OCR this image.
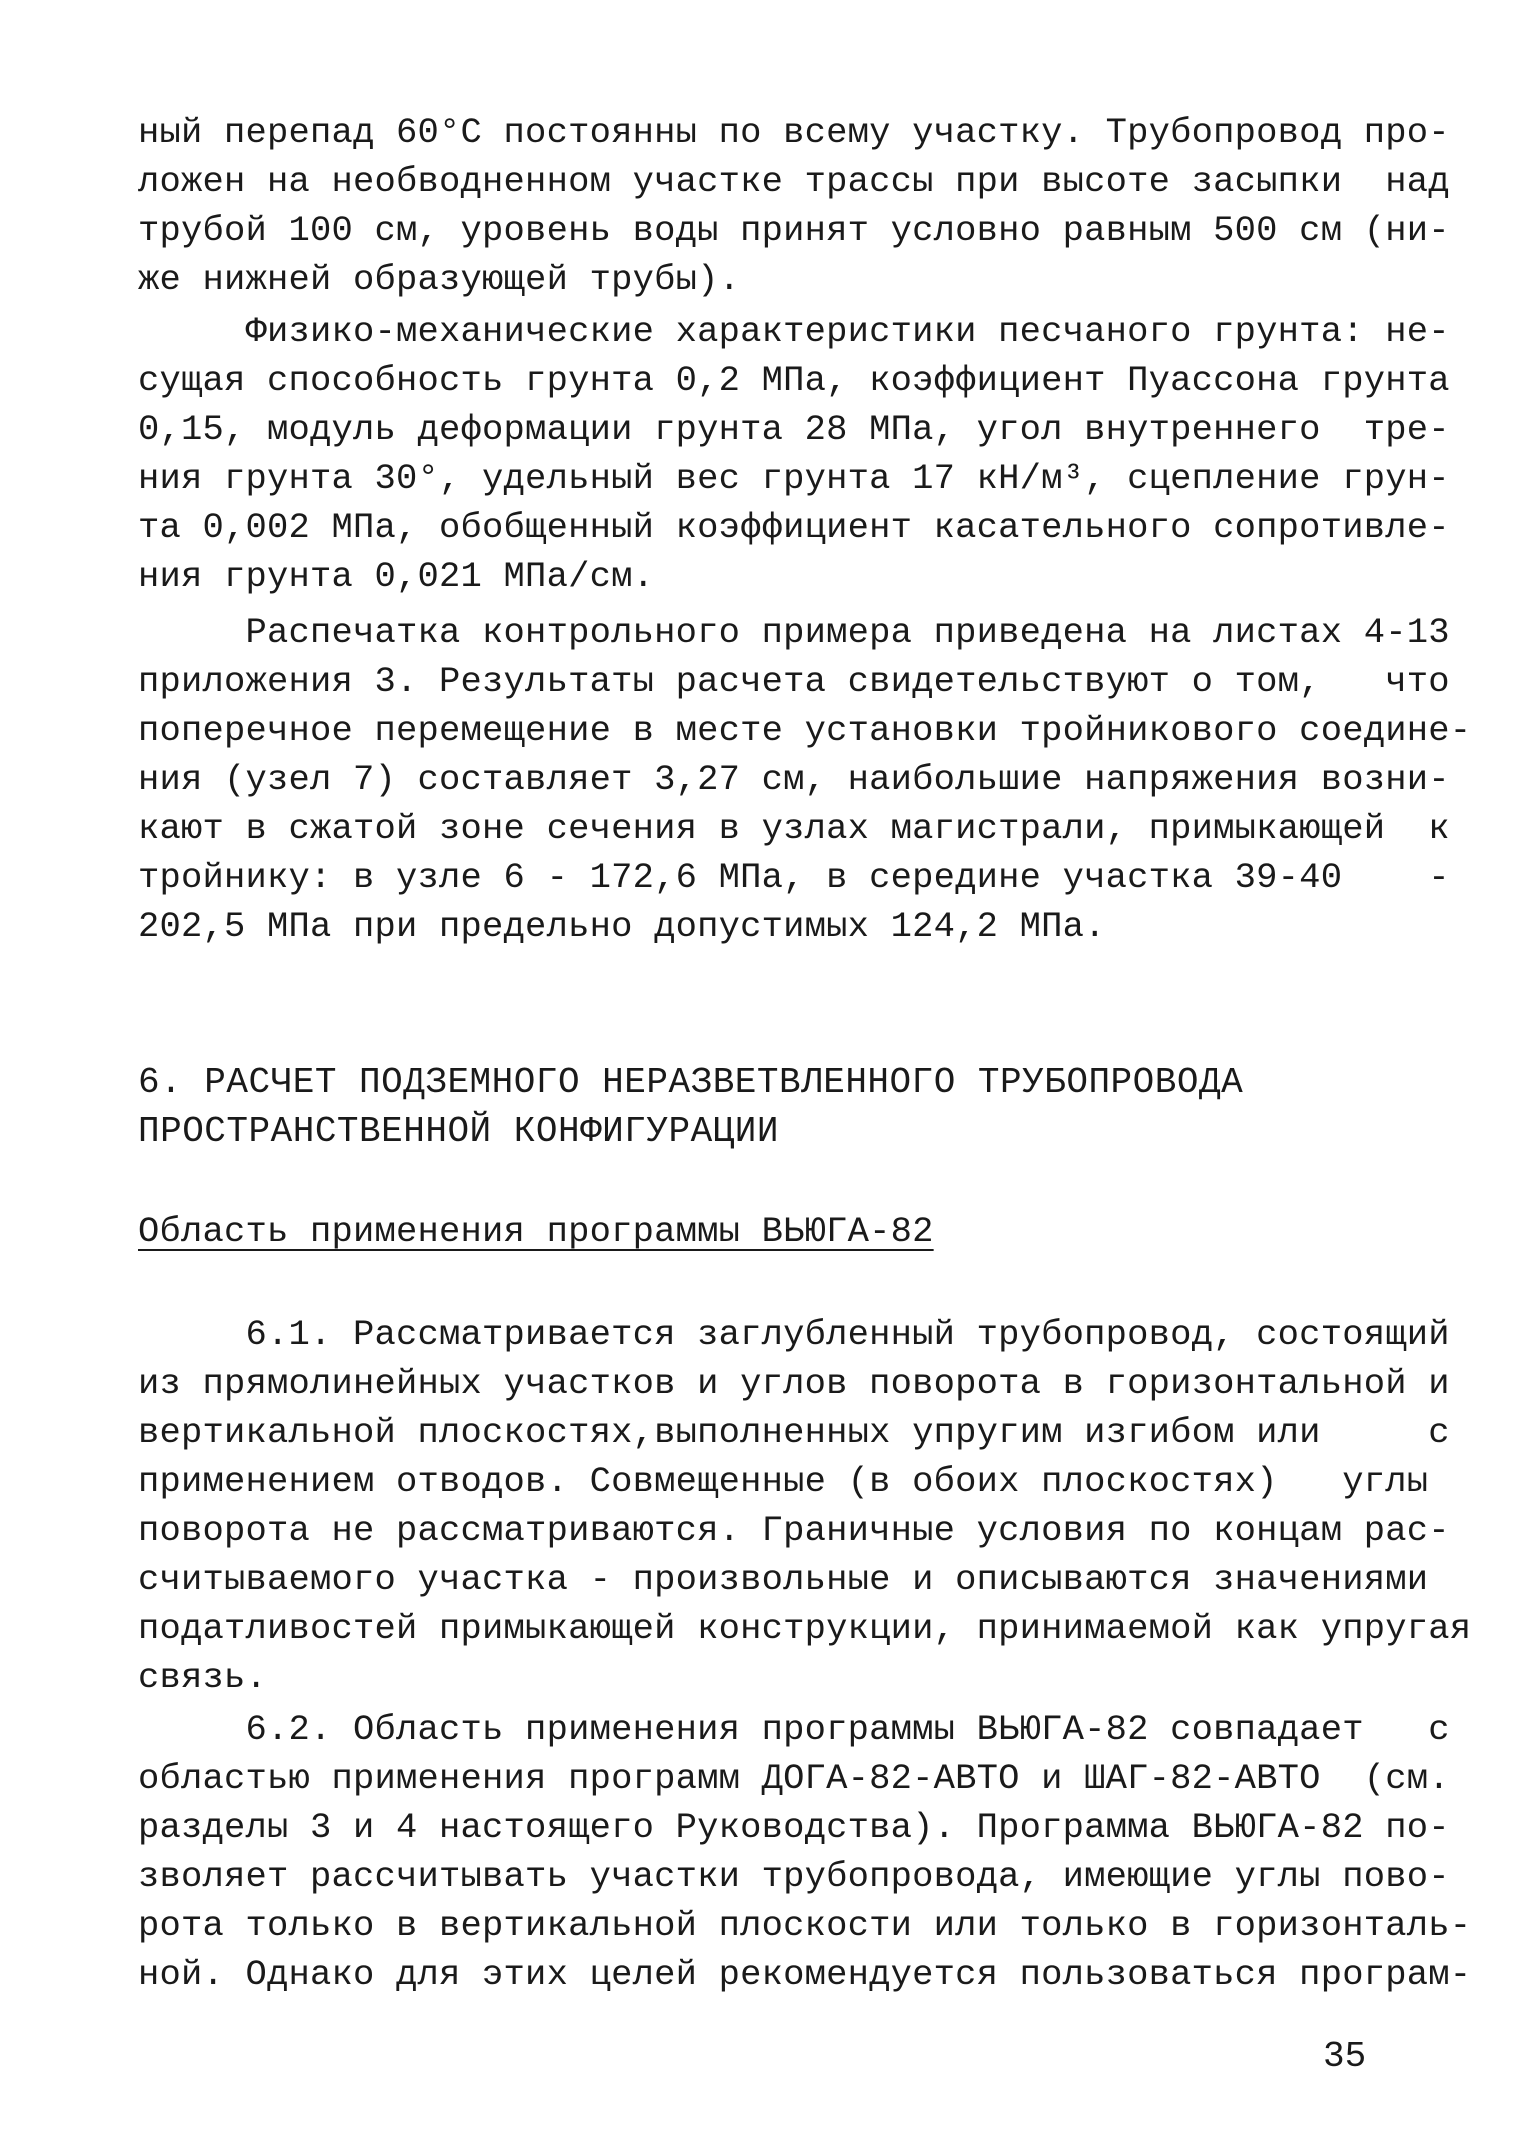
ный перепад 60°C постоянны по всему участку. Трубопровод про-
ложен на необводненном участке трассы при высоте засыпки  над
трубой 100 см, уровень воды принят условно равным 500 см (ни-
же нижней образующей трубы).
Физико-механические характеристики песчаного грунта: не-
сущая способность грунта 0,2 МПа, коэффициент Пуассона грунта
0,15, модуль деформации грунта 28 МПа, угол внутреннего  тре-
ния грунта 30°, удельный вес грунта 17 кН/м³, сцепление грун-
та 0,002 МПа, обобщенный коэффициент касательного сопротивле-
ния грунта 0,021 МПа/см.
Распечатка контрольного примера приведена на листах 4-13
приложения 3. Результаты расчета свидетельствуют о том,   что
поперечное перемещение в месте установки тройникового соедине-
ния (узел 7) составляет 3,27 см, наибольшие напряжения возни-
кают в сжатой зоне сечения в узлах магистрали, примыкающей  к
тройнику: в узле 6 - 172,6 МПа, в середине участка 39-40    -
202,5 МПа при предельно допустимых 124,2 МПа.
6. РАСЧЕТ ПОДЗЕМНОГО НЕРАЗВЕТВЛЕННОГО ТРУБОПРОВОДА
ПРОСТРАНСТВЕННОЙ КОНФИГУРАЦИИ
Область применения программы ВЬЮГА-82
6.1. Рассматривается заглубленный трубопровод, состоящий
из прямолинейных участков и углов поворота в горизонтальной и
вертикальной плоскостях,выполненных упругим изгибом или     с
применением отводов. Совмещенные (в обоих плоскостях)   углы
поворота не рассматриваются. Граничные условия по концам рас-
считываемого участка - произвольные и описываются значениями
податливостей примыкающей конструкции, принимаемой как упругая
связь.
6.2. Область применения программы ВЬЮГА-82 совпадает   с
областью применения программ ДОГА-82-АВТО и ШАГ-82-АВТО  (см.
разделы 3 и 4 настоящего Руководства). Программа ВЬЮГА-82 по-
зволяет рассчитывать участки трубопровода, имеющие углы пово-
рота только в вертикальной плоскости или только в горизонталь-
ной. Однако для этих целей рекомендуется пользоваться програм-
35
